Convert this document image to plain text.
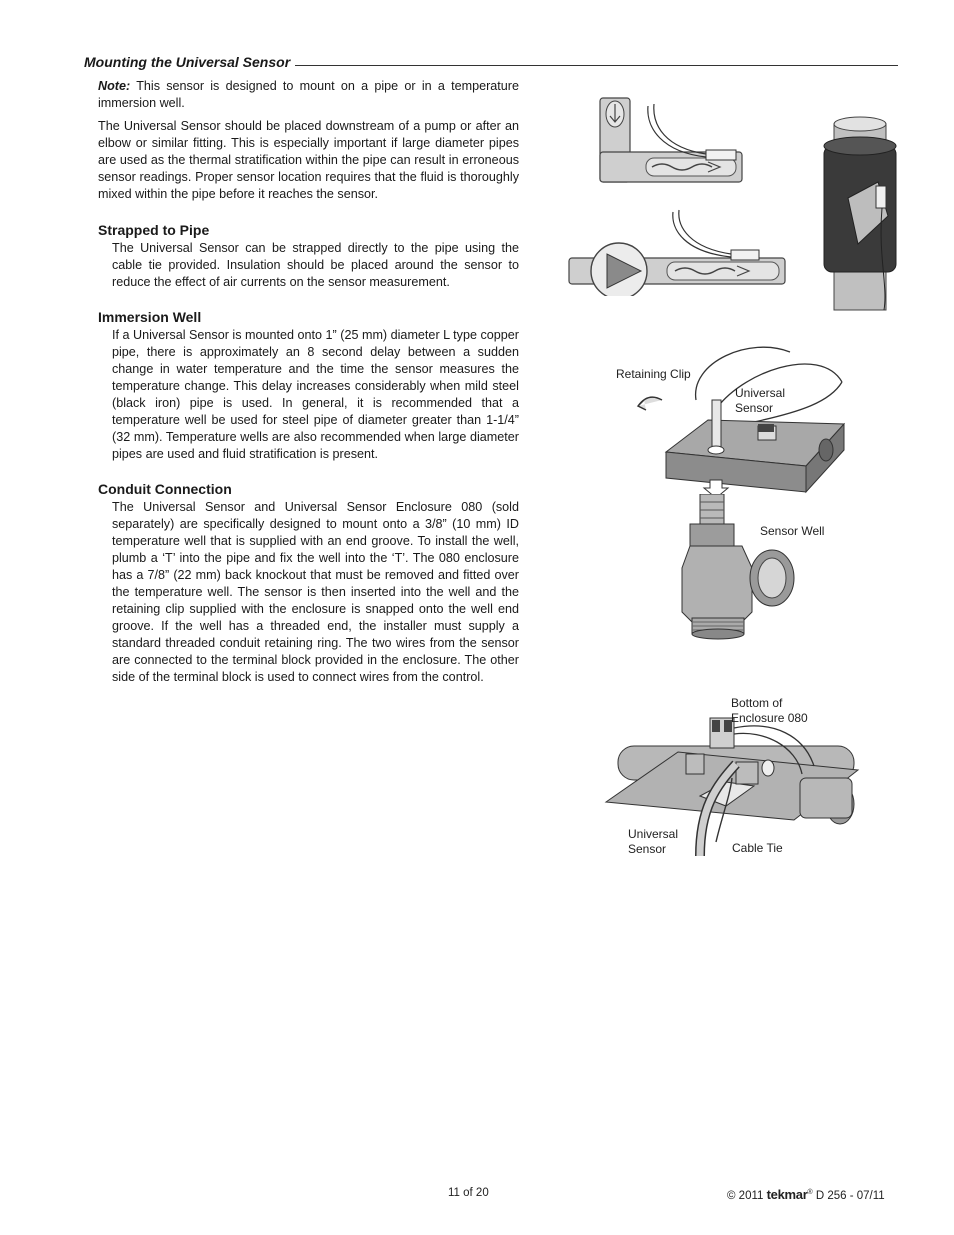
Mounting the Universal Sensor

Note: This sensor is designed to mount on a pipe or in a temperature immersion well.

The Universal Sensor should be placed downstream of a pump or after an elbow or similar fitting. This is especially important if large diameter pipes are used as the thermal stratification within the pipe can result in erroneous sensor readings. Proper sensor location requires that the fluid is thoroughly mixed within the pipe before it reaches the sensor.

Strapped to Pipe

The Universal Sensor can be strapped directly to the pipe using the cable tie provided. Insulation should be placed around the sensor to reduce the effect of air currents on the sensor measurement.

Immersion Well

If a Universal Sensor is mounted onto 1” (25 mm) diameter L type copper pipe, there is approximately an 8 second delay between a sudden change in water temperature and the time the sensor measures the temperature change. This delay increases considerably when mild steel (black iron) pipe is used. In general, it is recommended that a temperature well be used for steel pipe of diameter greater than 1-1/4” (32 mm). Temperature wells are also recommended when large diameter pipes are used and fluid stratification is present.

Conduit Connection

The Universal Sensor and Universal Sensor Enclosure 080 (sold separately) are specifically designed to mount onto a 3/8” (10 mm) ID temperature well that is supplied with an end groove. To install the well, plumb a ‘T’ into the pipe and fix the well into the ‘T’. The 080 enclosure has a 7/8” (22 mm) back knockout that must be removed and fitted over the temperature well. The sensor is then inserted into the well and the retaining clip supplied with the enclosure is snapped onto the well end groove. If the well has a threaded end, the installer must supply a standard threaded conduit retaining ring. The two wires from the sensor are connected to the terminal block provided in the enclosure. The other side of the terminal block is used to connect wires from the control.

Retaining Clip
Universal
Sensor
Sensor Well
Bottom of
Enclosure 080
Universal
Sensor	Cable Tie
11 of 20	© 2011 tekmar® D 256 - 07/11
